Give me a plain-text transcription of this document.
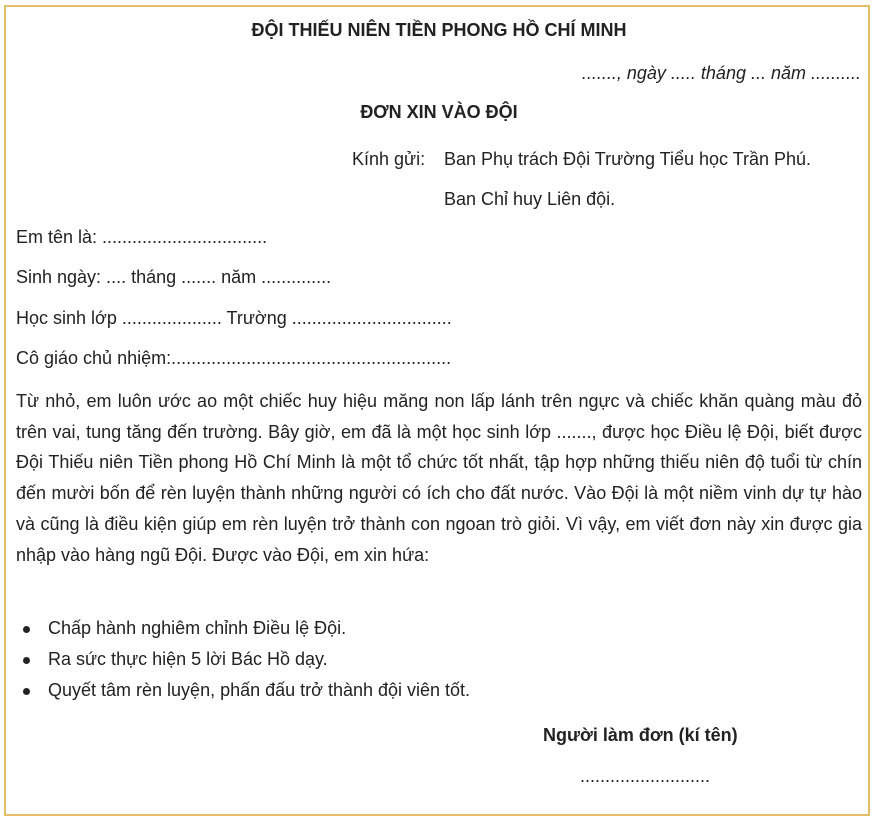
ĐỘI THIẾU NIÊN TIỀN PHONG HỒ CHÍ MINH
......., ngày ..... tháng ... năm ..........
ĐƠN XIN VÀO ĐỘI
Kính gửi: Ban Phụ trách Đội Trường Tiểu học Trần Phú.
Ban Chỉ huy Liên đội.
Em tên là: .................................
Sinh ngày: .... tháng ....... năm ..............
Học sinh lớp .................... Trường ................................
Cô giáo chủ nhiệm:........................................................
Từ nhỏ, em luôn ước ao một chiếc huy hiệu măng non lấp lánh trên ngực và chiếc khăn quàng màu đỏ trên vai, tung tăng đến trường. Bây giờ, em đã là một học sinh lớp ......., được học Điều lệ Đội, biết được Đội Thiếu niên Tiền phong Hồ Chí Minh là một tổ chức tốt nhất, tập hợp những thiếu niên độ tuổi từ chín đến mười bốn để rèn luyện thành những người có ích cho đất nước. Vào Đội là một niềm vinh dự tự hào và cũng là điều kiện giúp em rèn luyện trở thành con ngoan trò giỏi. Vì vậy, em viết đơn này xin được gia nhập vào hàng ngũ Đội. Được vào Đội, em xin hứa:
Chấp hành nghiêm chỉnh Điều lệ Đội.
Ra sức thực hiện 5 lời Bác Hồ dạy.
Quyết tâm rèn luyện, phấn đấu trở thành đội viên tốt.
Người làm đơn (kí tên)
..........................
